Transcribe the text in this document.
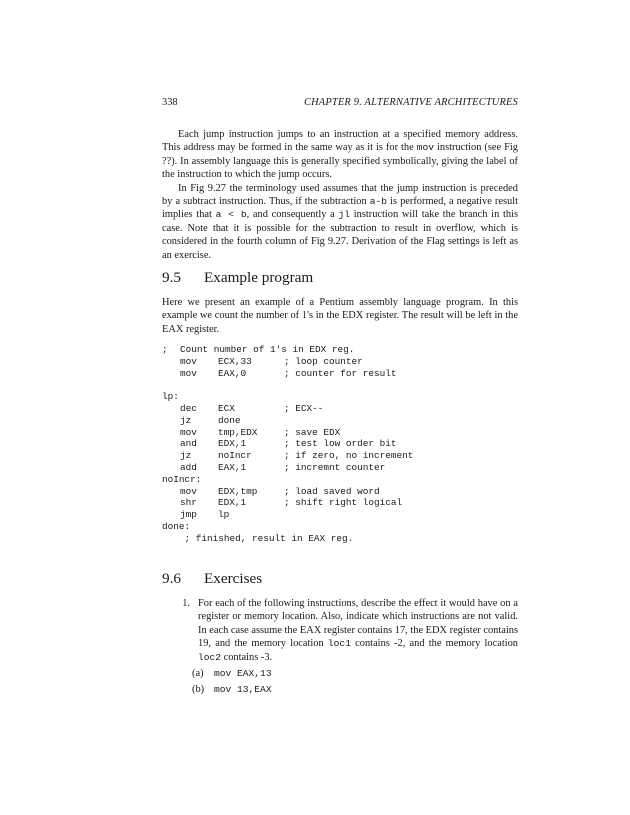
338	CHAPTER 9. ALTERNATIVE ARCHITECTURES

Each jump instruction jumps to an instruction at a specified memory address. This address may be formed in the same way as it is for the mov instruction (see Fig ??). In assembly language this is generally specified symbolically, giving the label of the instruction to which the jump occurs.

In Fig 9.27 the terminology used assumes that the jump instruction is preceded by a subtract instruction. Thus, if the subtraction a-b is performed, a negative result implies that a < b, and consequently a jl instruction will take the branch in this case. Note that it is possible for the subtraction to result in overflow, which is considered in the fourth column of Fig 9.27. Derivation of the Flag settings is left as an exercise.

9.5 Example program

Here we present an example of a Pentium assembly language program. In this example we count the number of 1's in the EDX register. The result will be left in the EAX register.

; Count number of 1's in EDX reg.
mov ECX,33	; loop counter
mov EAX,0	; counter for result
lp:
dec ECX	; ECX--
jz	done
mov tmp,EDX	; save EDX
and EDX,1	; test low order bit
jz	noIncr	; if zero, no increment
add EAX,1	; incremnt counter
noIncr:
mov EDX,tmp	; load saved word
shr EDX,1	; shift right logical
jmp lp
done:
; finished, result in EAX reg.
9.6 Exercises
1. For each of the following instructions, describe the effect it would have on a register or memory location. Also, indicate which instructions are not valid. In each case assume the EAX register contains 17, the EDX register contains 19, and the memory location loc1 contains -2, and the memory location loc2 contains -3.
(a)	mov EAX,13
(b)	mov 13,EAX
